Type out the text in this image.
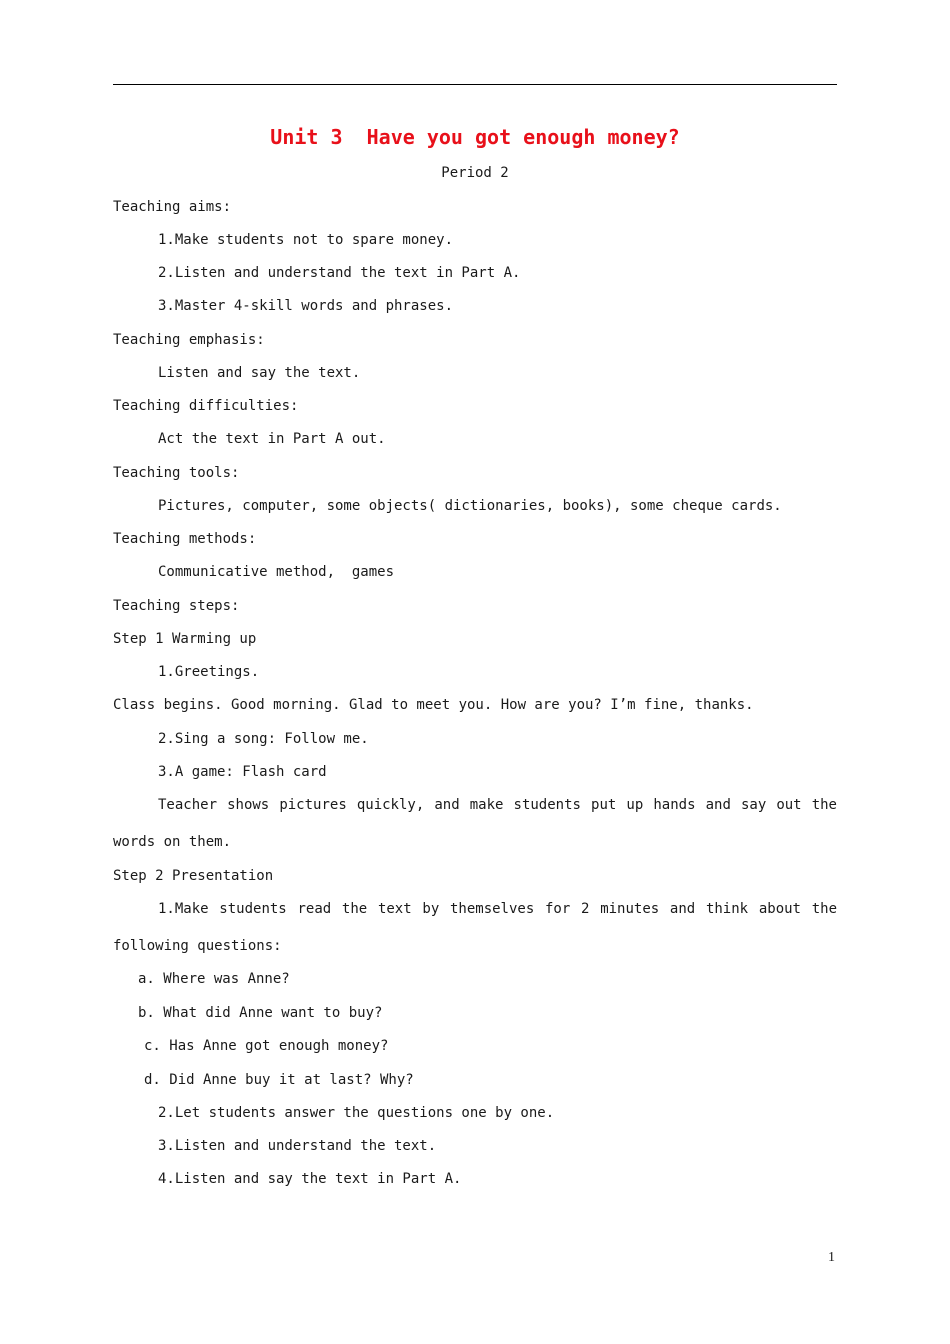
Unit 3  Have you got enough money?
Period 2
Teaching aims:
1.Make students not to spare money.
2.Listen and understand the text in Part A.
3.Master 4-skill words and phrases.
Teaching emphasis:
Listen and say the text.
Teaching difficulties:
Act the text in Part A out.
Teaching tools:
Pictures, computer, some objects( dictionaries, books), some cheque cards.
Teaching methods:
Communicative method,  games
Teaching steps:
Step 1 Warming up
1.Greetings.
Class begins. Good morning. Glad to meet you. How are you? I’m fine, thanks.
2.Sing a song: Follow me.
3.A game: Flash card
Teacher shows pictures quickly, and make students put up hands and say out the
words on them.
Step 2 Presentation
1.Make students read the text by themselves for 2 minutes and think about the
following questions:
a. Where was Anne?
b. What did Anne want to buy?
c. Has Anne got enough money?
d. Did Anne buy it at last? Why?
2.Let students answer the questions one by one.
3.Listen and understand the text.
4.Listen and say the text in Part A.
1
